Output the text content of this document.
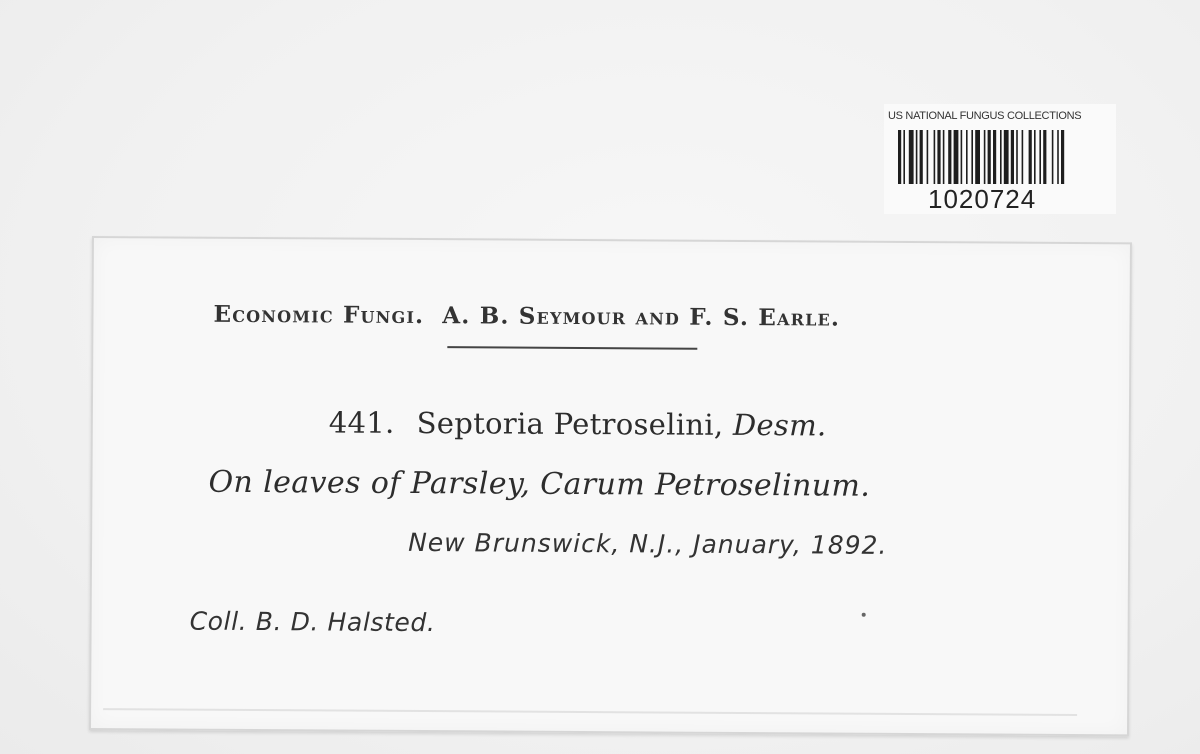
US NATIONAL FUNGUS COLLECTIONS
1020724
Economic Fungi. A. B. Seymour and F. S. Earle.
441. Septoria Petroselini, Desm.
On leaves of Parsley, Carum Petroselinum.
New Brunswick, N.J., January, 1892.
Coll. B. D. Halsted.
